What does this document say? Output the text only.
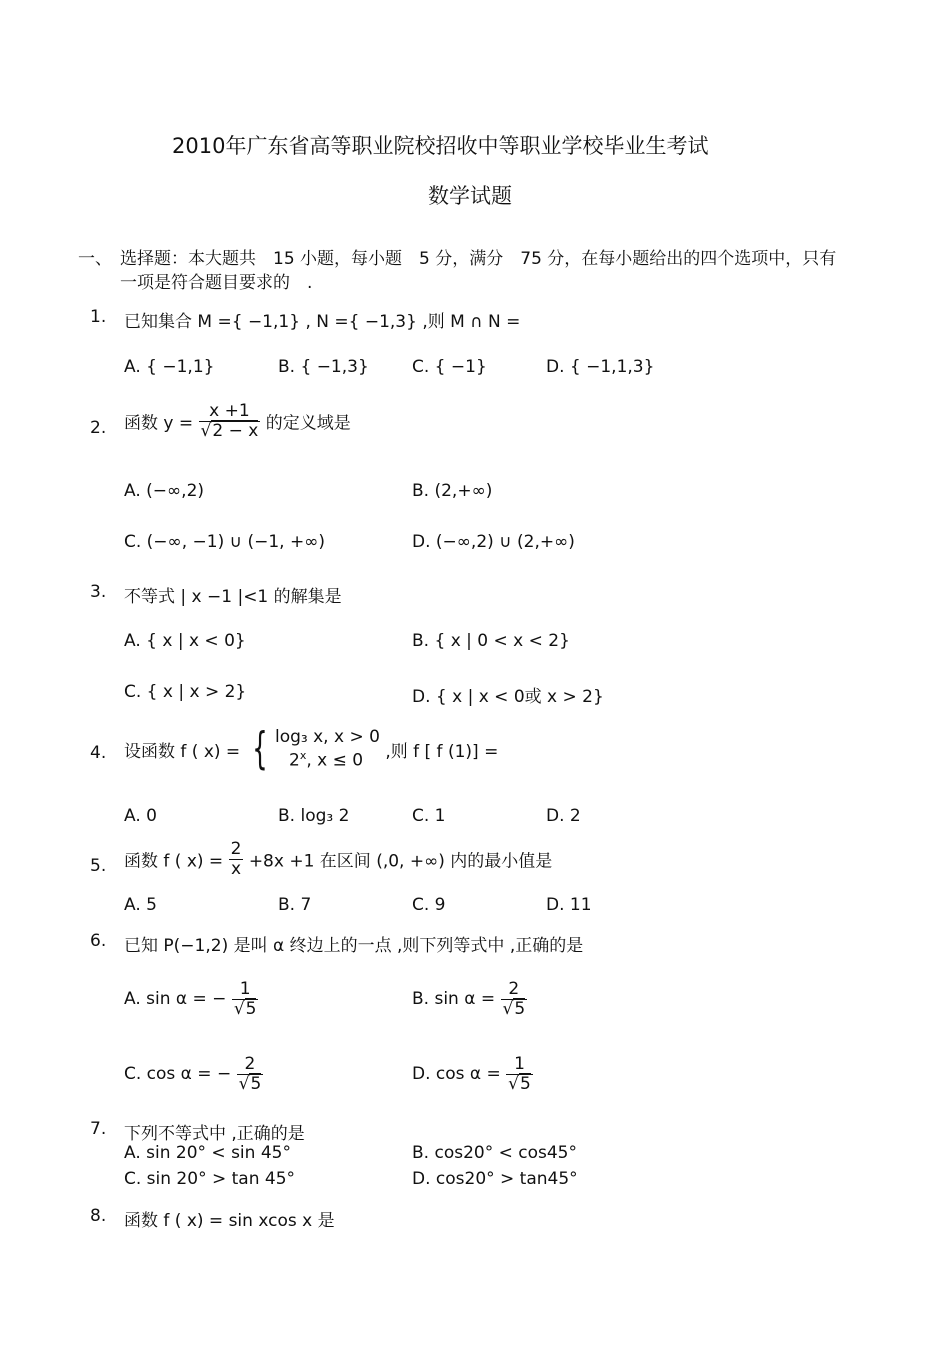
2010年广东省高等职业院校招收中等职业学校毕业生考试
数学试题
一、 选择题：本大题共　15 小题，每小题　5 分，满分　75 分，在每小题给出的四个选项中，只有
一项是符合题目要求的　.
1. 已知集合 M ={ −1,1} , N ={ −1,3} ,则 M ∩ N =
A. { −1,1}	B. { −1,3}	C. { −1}	D. { −1,1,3}
2. 函数 $y = \frac{x +1}{√2 - x}$ 的定义域是
A. (−∞,2)	B. (2,+∞)
C. (−∞, −1) ∪ (−1, +∞)	D. (−∞,2) ∪ (2,+∞)
3. 不等式 | x −1 |<1 的解集是
A. { x | x < 0}	B. { x | 0 < x < 2}
C. { x | x > 2}	D. { x | x < 0或 x > 2}
4. 设函数 f ( x) = { log₃ x, x > 0
2$^x$, x ≤ 0	,则 f [ f (1)] =
A. 0	B. log₃ 2	C. 1	D. 2
5. 函数 f ( $x) = \frac{2}{x} +8x +1$ 在区间 (,0, +∞) 内的最小值是
A. 5	B. 7	C. 9	D. 11
6. 已知 P(−1,2) 是叫 α 终边上的一点 ,则下列等式中 ,正确的是
A. sin α = − $\frac{1}{√5}$	B. $\sin \alpha = \frac{2}{√5}$
C. cos α = − $\frac{2}{√5}$	D. $\cos \alpha = \frac{1}{√5}$
7. 下列不等式中 ,正确的是
A. sin 20° < sin 45°	B. cos20° < cos45°
C. sin 20° > tan 45°	D. cos20° > tan45°
8. 函数 f ( x) = sin xcos x 是
